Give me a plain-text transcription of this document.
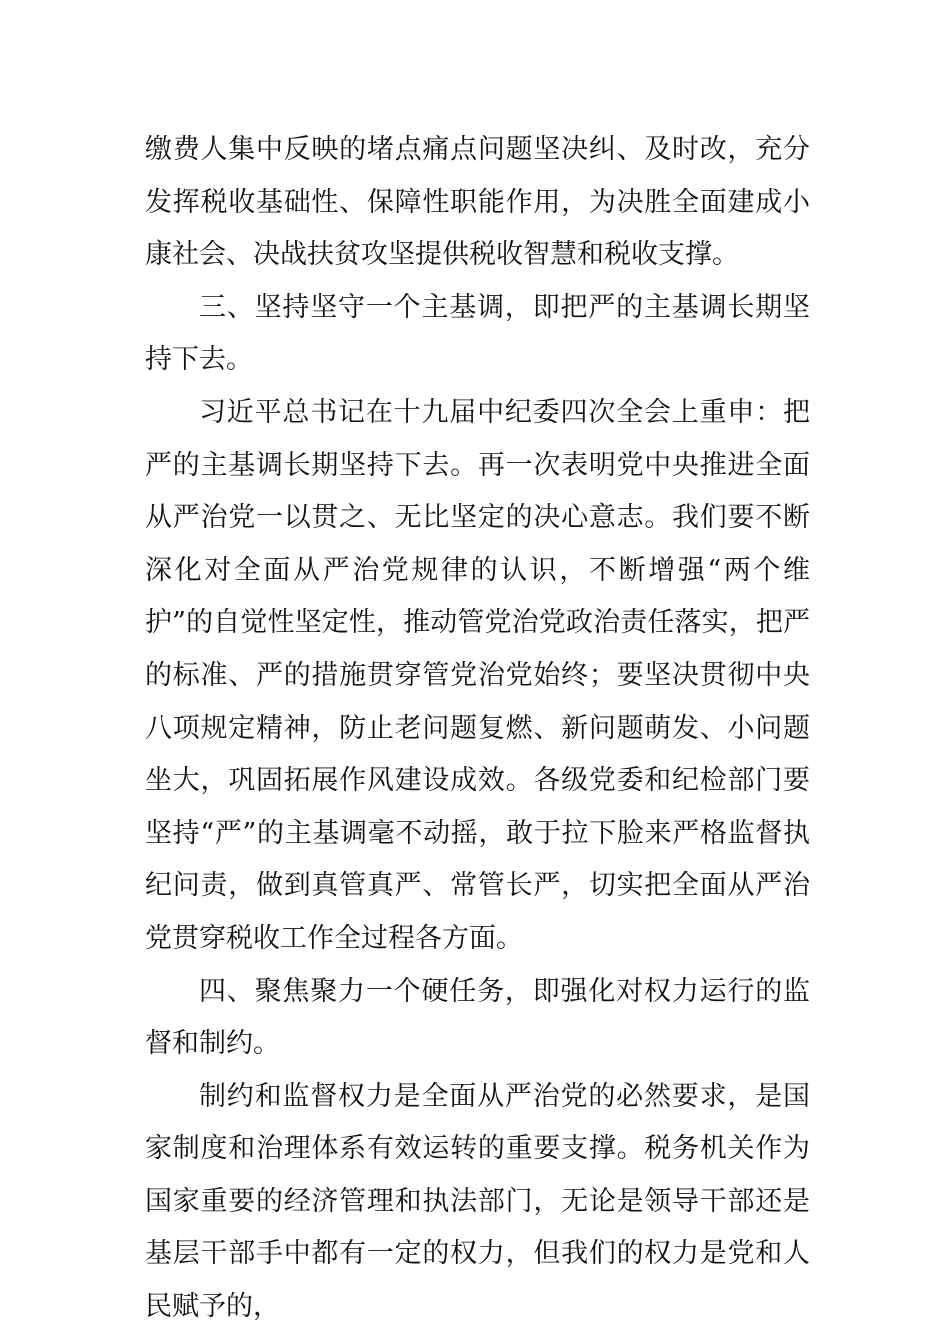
缴费人集中反映的堵点痛点问题坚决纠、及时改，充分发挥税收基础性、保障性职能作用，为决胜全面建成小康社会、决战扶贫攻坚提供税收智慧和税收支撑。

三、坚持坚守一个主基调，即把严的主基调长期坚持下去。

习近平总书记在十九届中纪委四次全会上重申：把严的主基调长期坚持下去。再一次表明党中央推进全面从严治党一以贯之、无比坚定的决心意志。我们要不断深化对全面从严治党规律的认识，不断增强“两个维护”的自觉性坚定性，推动管党治党政治责任落实，把严的标准、严的措施贯穿管党治党始终；要坚决贯彻中央八项规定精神，防止老问题复燃、新问题萌发、小问题坐大，巩固拓展作风建设成效。各级党委和纪检部门要坚持“严”的主基调毫不动摇，敢于拉下脸来严格监督执纪问责，做到真管真严、常管长严，切实把全面从严治党贯穿税收工作全过程各方面。

四、聚焦聚力一个硬任务，即强化对权力运行的监督和制约。

制约和监督权力是全面从严治党的必然要求，是国家制度和治理体系有效运转的重要支撑。税务机关作为国家重要的经济管理和执法部门，无论是领导干部还是基层干部手中都有一定的权力，但我们的权力是党和人民赋予的，
